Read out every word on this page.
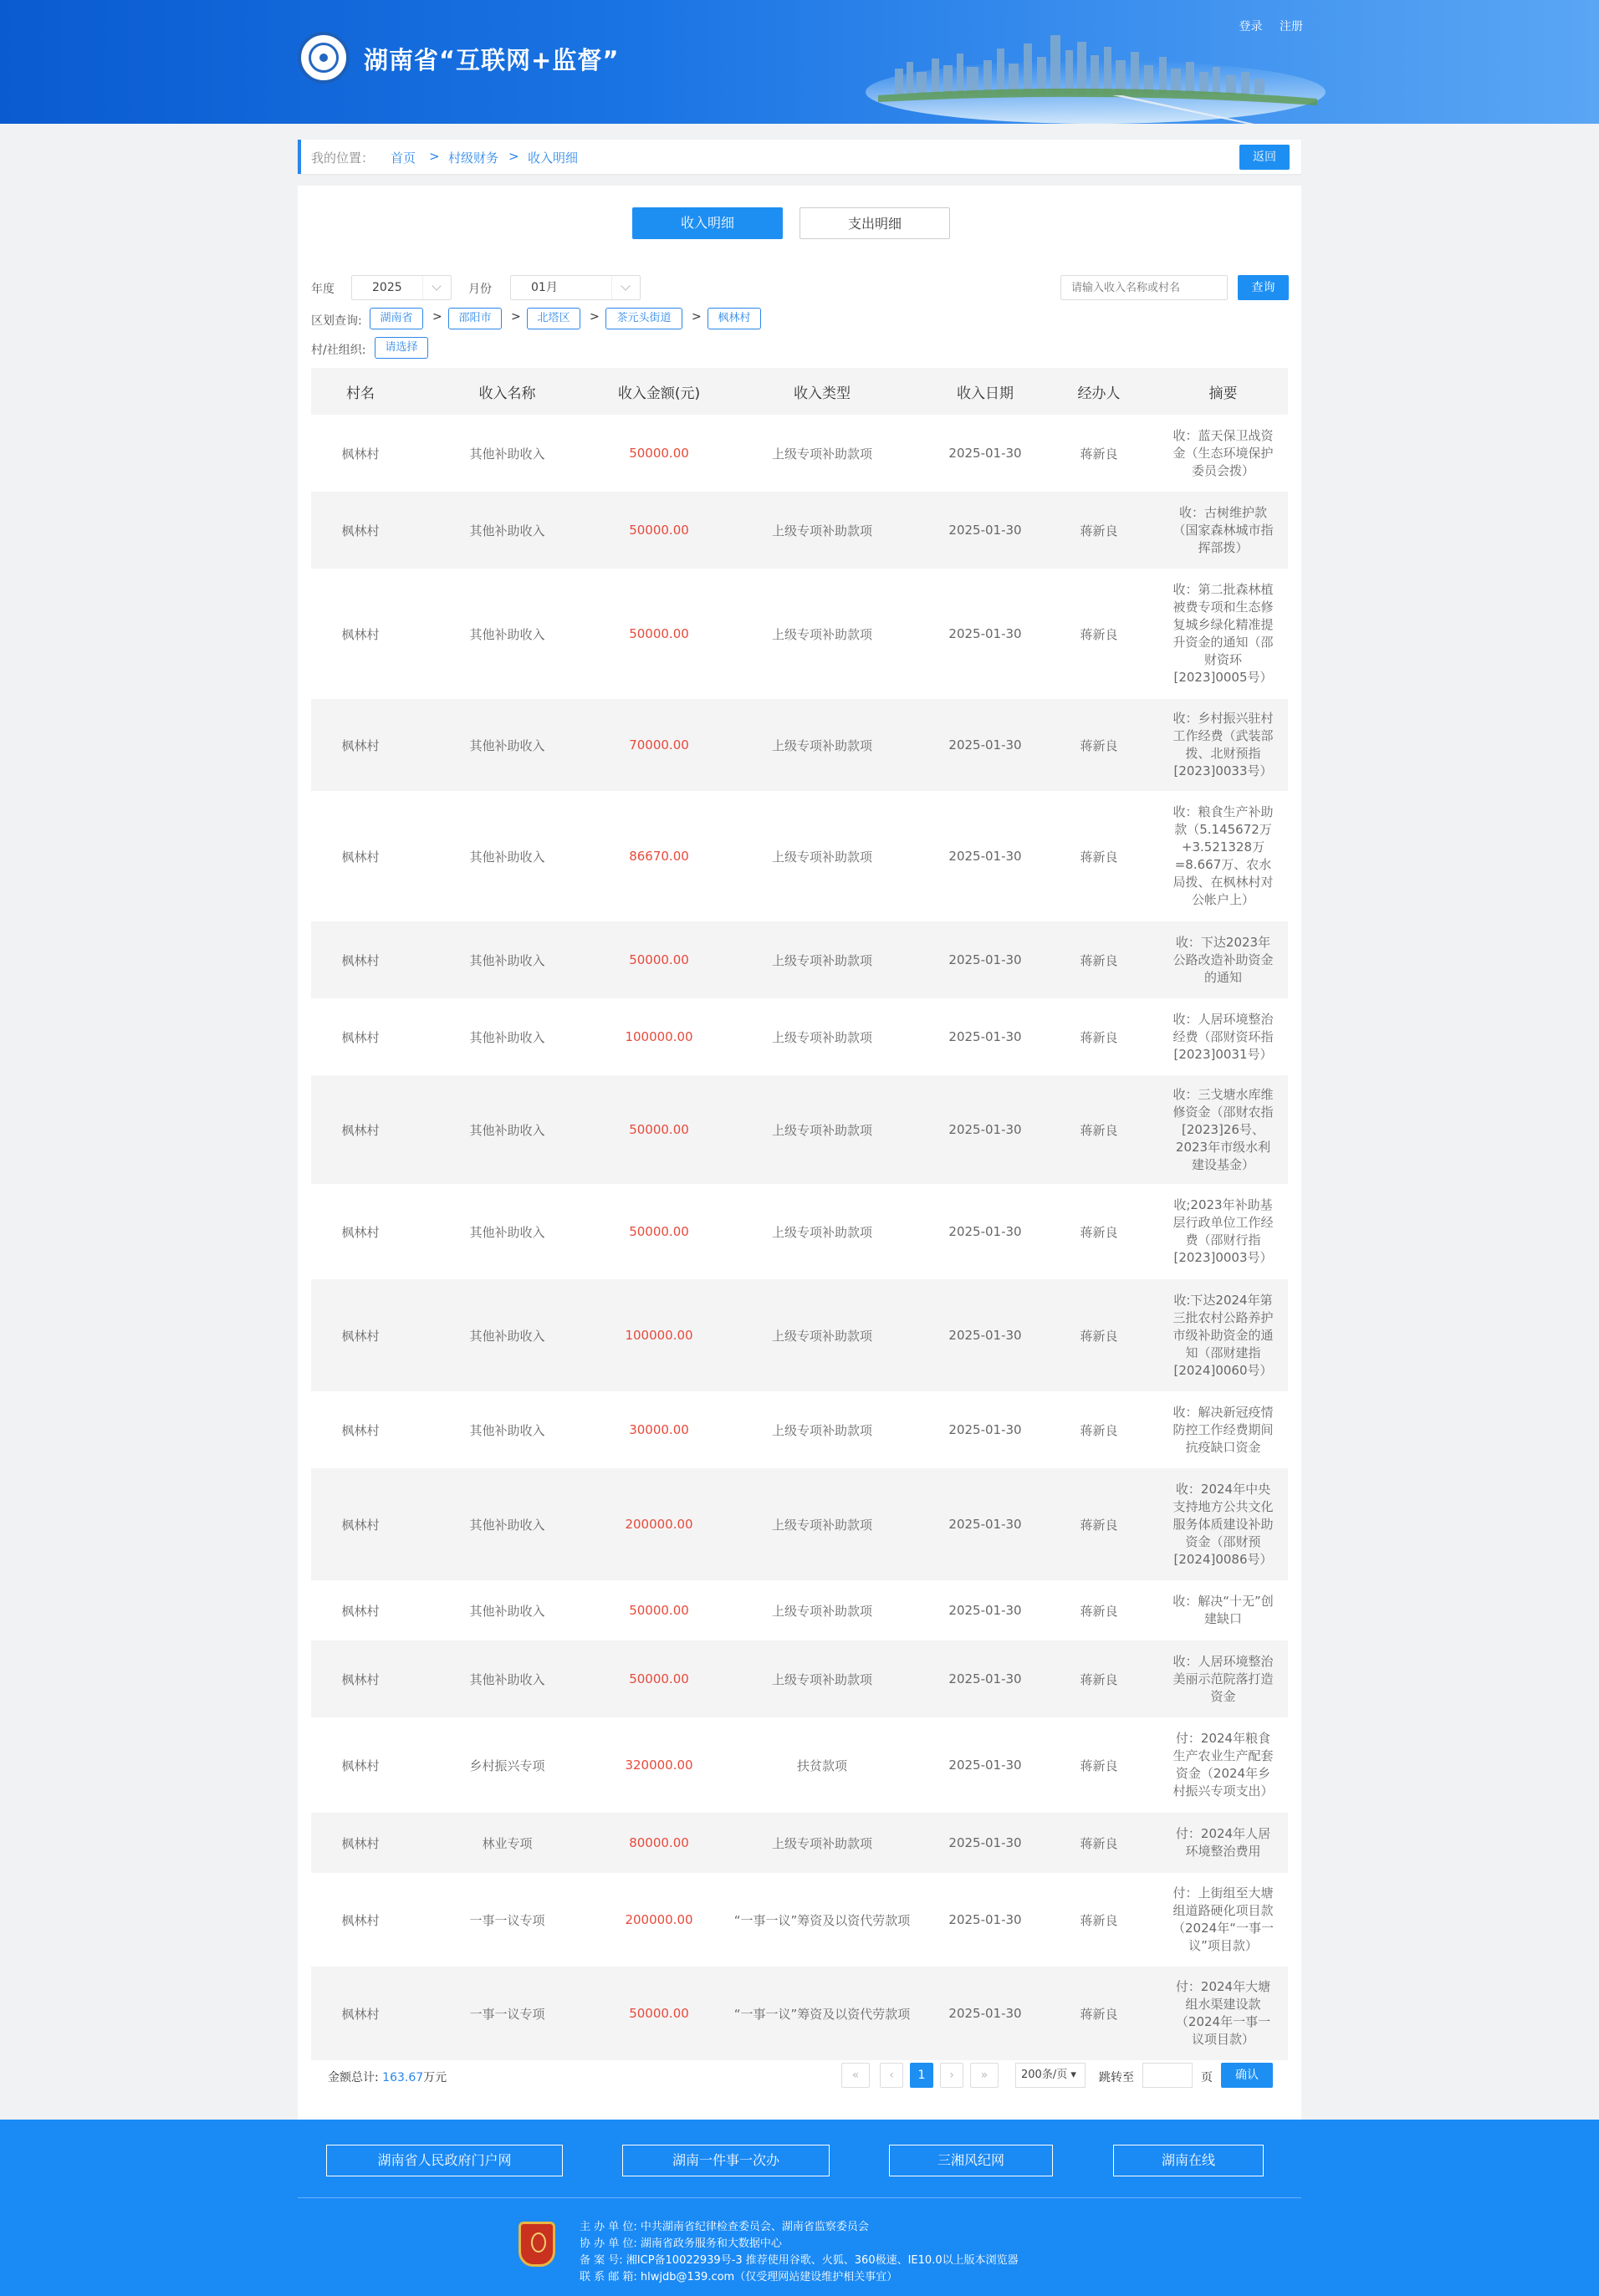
湖南省“互联网+监督”
登录 注册
我的位置： 首页 > 村级财务 > 收入明细	返回
收入明细	支出明细
年度	2025	月份	01月
请输入收入名称或村名	查询
区划查询:	湖南省	>	邵阳市	>	北塔区	>	茶元头街道	>	枫林村
村/社组织:	请选择
村名	收入名称	收入金额(元)	收入类型	收入日期	经办人	摘要
枫林村	其他补助收入	50000.00	上级专项补助款项	2025-01-30	蒋新良	收：蓝天保卫战资金（生态环境保护委员会拨）
枫林村	其他补助收入	50000.00	上级专项补助款项	2025-01-30	蒋新良	收：古树维护款（国家森林城市指挥部拨）
枫林村	其他补助收入	50000.00	上级专项补助款项	2025-01-30	蒋新良	收：第二批森林植被费专项和生态修复城乡绿化精准提升资金的通知（邵财资环[2023]0005号）
枫林村	其他补助收入	70000.00	上级专项补助款项	2025-01-30	蒋新良	收：乡村振兴驻村工作经费（武装部拨、北财预指[2023]0033号）
枫林村	其他补助收入	86670.00	上级专项补助款项	2025-01-30	蒋新良	收：粮食生产补助款（5.145672万+3.521328万=8.667万、农水局拨、在枫林村对公帐户上）
枫林村	其他补助收入	50000.00	上级专项补助款项	2025-01-30	蒋新良	收：下达2023年公路改造补助资金的通知
枫林村	其他补助收入	100000.00	上级专项补助款项	2025-01-30	蒋新良	收：人居环境整治经费（邵财资环指[2023]0031号）
枫林村	其他补助收入	50000.00	上级专项补助款项	2025-01-30	蒋新良	收：三戈塘水库维修资金（邵财农指[2023]26号、2023年市级水利建设基金）
枫林村	其他补助收入	50000.00	上级专项补助款项	2025-01-30	蒋新良	收;2023年补助基层行政单位工作经费（邵财行指[2023]0003号）
枫林村	其他补助收入	100000.00	上级专项补助款项	2025-01-30	蒋新良	收:下达2024年第三批农村公路养护市级补助资金的通知（邵财建指[2024]0060号）
枫林村	其他补助收入	30000.00	上级专项补助款项	2025-01-30	蒋新良	收：解决新冠疫情防控工作经费期间抗疫缺口资金
枫林村	其他补助收入	200000.00	上级专项补助款项	2025-01-30	蒋新良	收：2024年中央支持地方公共文化服务体质建设补助资金（邵财预[2024]0086号）
枫林村	其他补助收入	50000.00	上级专项补助款项	2025-01-30	蒋新良	收：解决“十无”创建缺口
枫林村	其他补助收入	50000.00	上级专项补助款项	2025-01-30	蒋新良	收：人居环境整治美丽示范院落打造资金
枫林村	乡村振兴专项	320000.00	扶贫款项	2025-01-30	蒋新良	付：2024年粮食生产农业生产配套资金（2024年乡村振兴专项支出）
枫林村	林业专项	80000.00	上级专项补助款项	2025-01-30	蒋新良	付：2024年人居环境整治费用
枫林村	一事一议专项	200000.00	“一事一议”筹资及以资代劳款项	2025-01-30	蒋新良	付：上街组至大塘组道路硬化项目款（2024年“一事一议”项目款）
枫林村	一事一议专项	50000.00	“一事一议”筹资及以资代劳款项	2025-01-30	蒋新良	付：2024年大塘组水渠建设款（2024年一事一议项目款）
金额总计: 163.67万元	«	‹	1	›	»	200条/页 ▾	跳转至	页	确认
湖南省人民政府门户网	湖南一件事一次办	三湘风纪网	湖南在线
主 办 单 位: 中共湖南省纪律检查委员会、湖南省监察委员会
协 办 单 位: 湖南省政务服务和大数据中心
备 案 号: 湘ICP备10022939号-3 推荐使用谷歌、火狐、360极速、IE10.0以上版本浏览器
联 系 邮 箱: hlwjdb@139.com（仅受理网站建设维护相关事宜）
